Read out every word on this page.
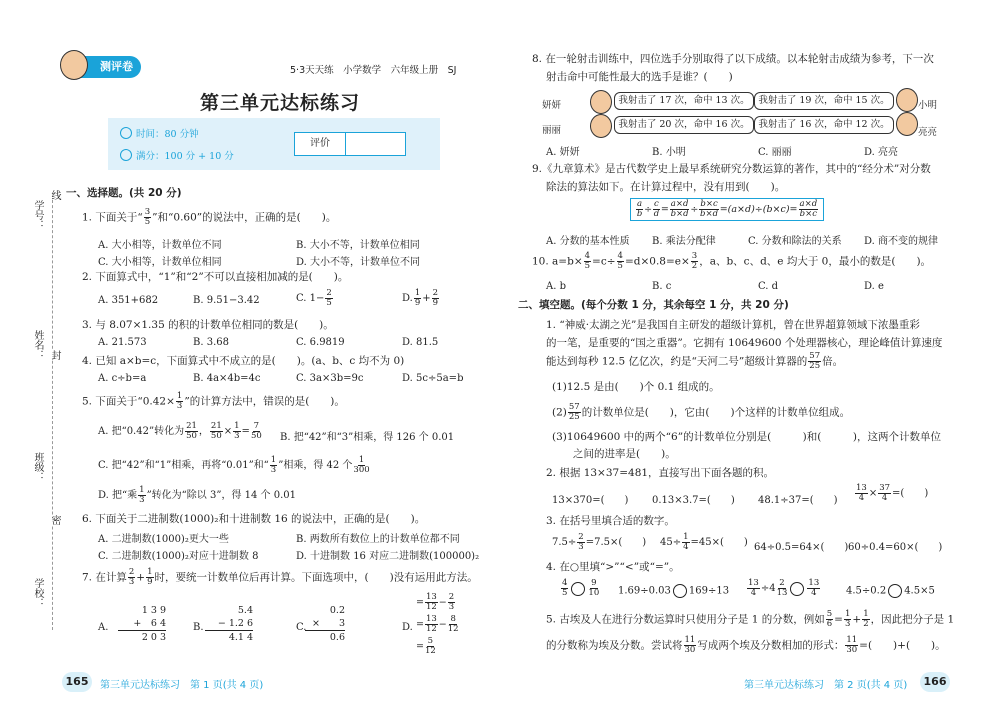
测评卷	5·3天天练　小学数学　六年级上册　SJ
第三单元达标练习
时间：80 分钟
满分：100 分 + 10 分
评价
学号：
姓名：
班级：
学校：
线
封
密
一、选择题。(共 20 分)
1. 下面关于“ $\frac{3}{5}$ ”和“0.60”的说法中，正确的是(　　)。
A. 大小相等，计数单位不同	B. 大小不等，计数单位相同
C. 大小相等，计数单位相同	D. 大小不等，计数单位不同
2. 下面算式中，“1”和“2”不可以直接相加减的是(　　)。
A. 351+682	B. 9.51−3.42	C. $1- \frac{2}{5}$	D. $\frac{1}{9} + \frac{2}{9}$
3. 与 8.07×1.35 的积的计数单位相同的数是(　　)。
A. 21.573	B. 3.68	C. 6.9819	D. 81.5
4. 已知 a×b=c，下面算式中不成立的是(　　)。(a、b、c 均不为 0)
A. c÷b=a	B. 4a×4b=4c	C. 3a×3b=9c	D. 5c÷5a=b
5. 下面关于“$0.42\times \frac{1}{3}$ ”的计算方法中，错误的是(　　)。
A. 把“0.42”转化为 $\frac{21}{50}$ ， $\frac{21}{50} \times \frac{1}{3} = \frac{7}{50} B$. 把“42”和“3”相乘，得 126 个 0.01
C. 把“42”和“1”相乘，再将“0.01”和“ $\frac{1}{3}$ ”相乘，得 42 个 $\frac{1}{300}$
D. 把“乘 $\frac{1}{3}$ ”转化为“除以 3”，得 14 个 0.01
6. 下面关于二进制数(1000)₂和十进制数 16 的说法中，正确的是(　　)。
A. 二进制数(1000)₂更大一些	B. 两数所有数位上的计数单位都不同
C. 二进制数(1000)₂对应十进制数 8	D. 十进制数 16 对应二进制数(100000)₂
7. 在计算 $\frac{2}{3} + \frac{1}{9}$ 时，要统一计数单位后再计算。下面选项中，(　　)没有运用此方法。
A.
1 3 9
+　6 4
2 0 3
B.
5.4
− 1.2 6
4.1 4
C.
0.2
×　　3
0.6
D.
= $\frac{13}{12} - \frac{2}{3}$
= $\frac{13}{12} - \frac{8}{12}$
= $\frac{5}{12}$
165	第三单元达标练习　第 1 页(共 4 页)
8. 在一轮射击训练中，四位选手分别取得了以下成绩。以本轮射击成绩为参考，下一次
射击命中可能性最大的选手是谁？(　　)
妍妍	我射击了 17 次，命中 13 次。 我射击了 19 次，命中 15 次。	小明
丽丽
我射击了 20 次，命中 16 次。 我射击了 16 次，命中 12 次。
亮亮
A. 妍妍	B. 小明	C. 丽丽	D. 亮亮
9.《九章算术》是古代数学史上最早系统研究分数运算的著作，其中的“经分术”对分数
除法的算法如下。在计算过程中，没有用到(　　)。
$\frac{a}{b} \div \frac{c}{d} = \frac{a\times d}{b\times d} \div \frac{b\times c}{b\times d} =(a\times d)\div(b\times c)= \frac{a\times d}{b\times c}$
A. 分数的基本性质 B. 乘法分配律	C. 分数和除法的关系 D. 商不变的规律
10. $a=b\times \frac{4}{5} =c\div \frac{4}{5} =d\times 0.8=e\times \frac{3}{2}$ ，a、b、c、d、e 均大于 0，最小的数是(　　)。
A. b	B. c	C. d	D. e
二、填空题。(每个分数 1 分，其余每空 1 分，共 20 分)
1. “神威·太湖之光”是我国自主研发的超级计算机，曾在世界超算领域下浓墨重彩
的一笔，是重要的“国之重器”。它拥有 10649600 个处理器核心，理论峰值计算速度
能达到每秒 12.5 亿亿次，约是“天河二号”超级计算器的 $\frac{57}{25}$ 倍。
(1)12.5 是由(　　)个 0.1 组成的。
$(2) \frac{57}{25}$ 的计数单位是(　　)，它由(　　)个这样的计数单位组成。
(3)10649600 中的两个“6”的计数单位分别是(　　　)和(　　　)，这两个计数单位
之间的进率是(　　)。
2. 根据 13×37=481，直接写出下面各题的积。
13×370=(　　) 0.13×3.7=(　　) 48.1÷37=(　　) $\frac{13}{4} \times \frac{37}{4}$ =(　　)
3. 在括号里填合适的数字。
$7.5\div \frac{2}{3} =7.5\times$(　　) $45\div \frac{1}{4} =45\times$(　　) 64÷0.5=64×(　　) 60÷0.4=60×(　　)
4. 在○里填“>”“<”或“=”。
$\frac{4}{5} \frac{9}{10} 1.69\div 0.03$ $169\div 13 \frac{13}{4} \div 4 \frac{2}{13} \frac{13}{4}$	4.5÷0.2 4.5×5
5. 古埃及人在进行分数运算时只使用分子是 1 的分数，例如 $\frac{5}{6} = \frac{1}{3} + \frac{1}{2}$ ，因此把分子是 1
的分数称为埃及分数。尝试将 $\frac{11}{30}$ 写成两个埃及分数相加的形式： $\frac{11}{30}$ =(　　)+(　　)。
第三单元达标练习　第 2 页(共 4 页)	166
